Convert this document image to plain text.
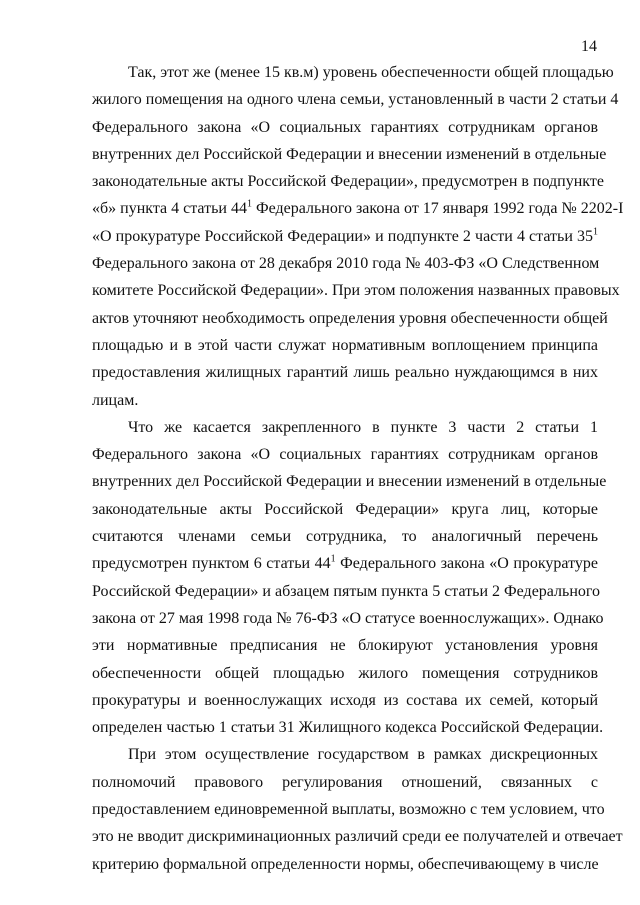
14
Так, этот же (менее 15 кв.м) уровень обеспеченности общей площадью
жилого помещения на одного члена семьи, установленный в части 2 статьи 4
Федерального закона «О социальных гарантиях сотрудникам органов
внутренних дел Российской Федерации и внесении изменений в отдельные
законодательные акты Российской Федерации», предусмотрен в подпункте
«б» пункта 4 статьи $44^1$ Федерального закона от 17 января 1992 года № 2202-I
«О прокуратуре Российской Федерации» и подпункте 2 части 4 статьи $35^1$
Федерального закона от 28 декабря 2010 года № 403-ФЗ «О Следственном
комитете Российской Федерации». При этом положения названных правовых
актов уточняют необходимость определения уровня обеспеченности общей
площадью и в этой части служат нормативным воплощением принципа
предоставления жилищных гарантий лишь реально нуждающимся в них
лицам.
Что же касается закрепленного в пункте 3 части 2 статьи 1
Федерального закона «О социальных гарантиях сотрудникам органов
внутренних дел Российской Федерации и внесении изменений в отдельные
законодательные акты Российской Федерации» круга лиц, которые
считаются членами семьи сотрудника, то аналогичный перечень
предусмотрен пунктом 6 статьи $44^1$ Федерального закона «О прокуратуре
Российской Федерации» и абзацем пятым пункта 5 статьи 2 Федерального
закона от 27 мая 1998 года № 76-ФЗ «О статусе военнослужащих». Однако
эти нормативные предписания не блокируют установления уровня
обеспеченности общей площадью жилого помещения сотрудников
прокуратуры и военнослужащих исходя из состава их семей, который
определен частью 1 статьи 31 Жилищного кодекса Российской Федерации.
При этом осуществление государством в рамках дискреционных
полномочий правового регулирования отношений, связанных с
предоставлением единовременной выплаты, возможно с тем условием, что
это не вводит дискриминационных различий среди ее получателей и отвечает
критерию формальной определенности нормы, обеспечивающему в числе
